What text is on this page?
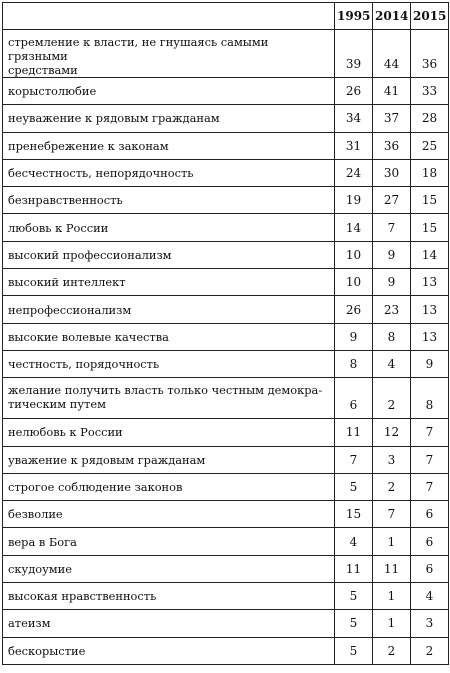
	1995	2014	2015

стремление к власти, не гнушаясь самыми грязными
средствами	39	44	36
корыстолюбие	26	41	33
неуважение к рядовым гражданам	34	37	28
пренебрежение к законам	31	36	25
бесчестность, непорядочность	24	30	18
безнравственность	19	27	15
любовь к России	14	7	15
высокий профессионализм	10	9	14
высокий интеллект	10	9	13
непрофессионализм	26	23	13
высокие волевые качества	9	8	13
честность, порядочность	8	4	9

желание получить власть только честным демокра-
тическим путем	6	2	8
нелюбовь к России	11	12	7
уважение к рядовым гражданам	7	3	7
строгое соблюдение законов	5	2	7
безволие	15	7	6
вера в Бога	4	1	6
скудоумие	11	11	6
высокая нравственность	5	1	4
атеизм	5	1	3
бескорыстие	5	2	2
